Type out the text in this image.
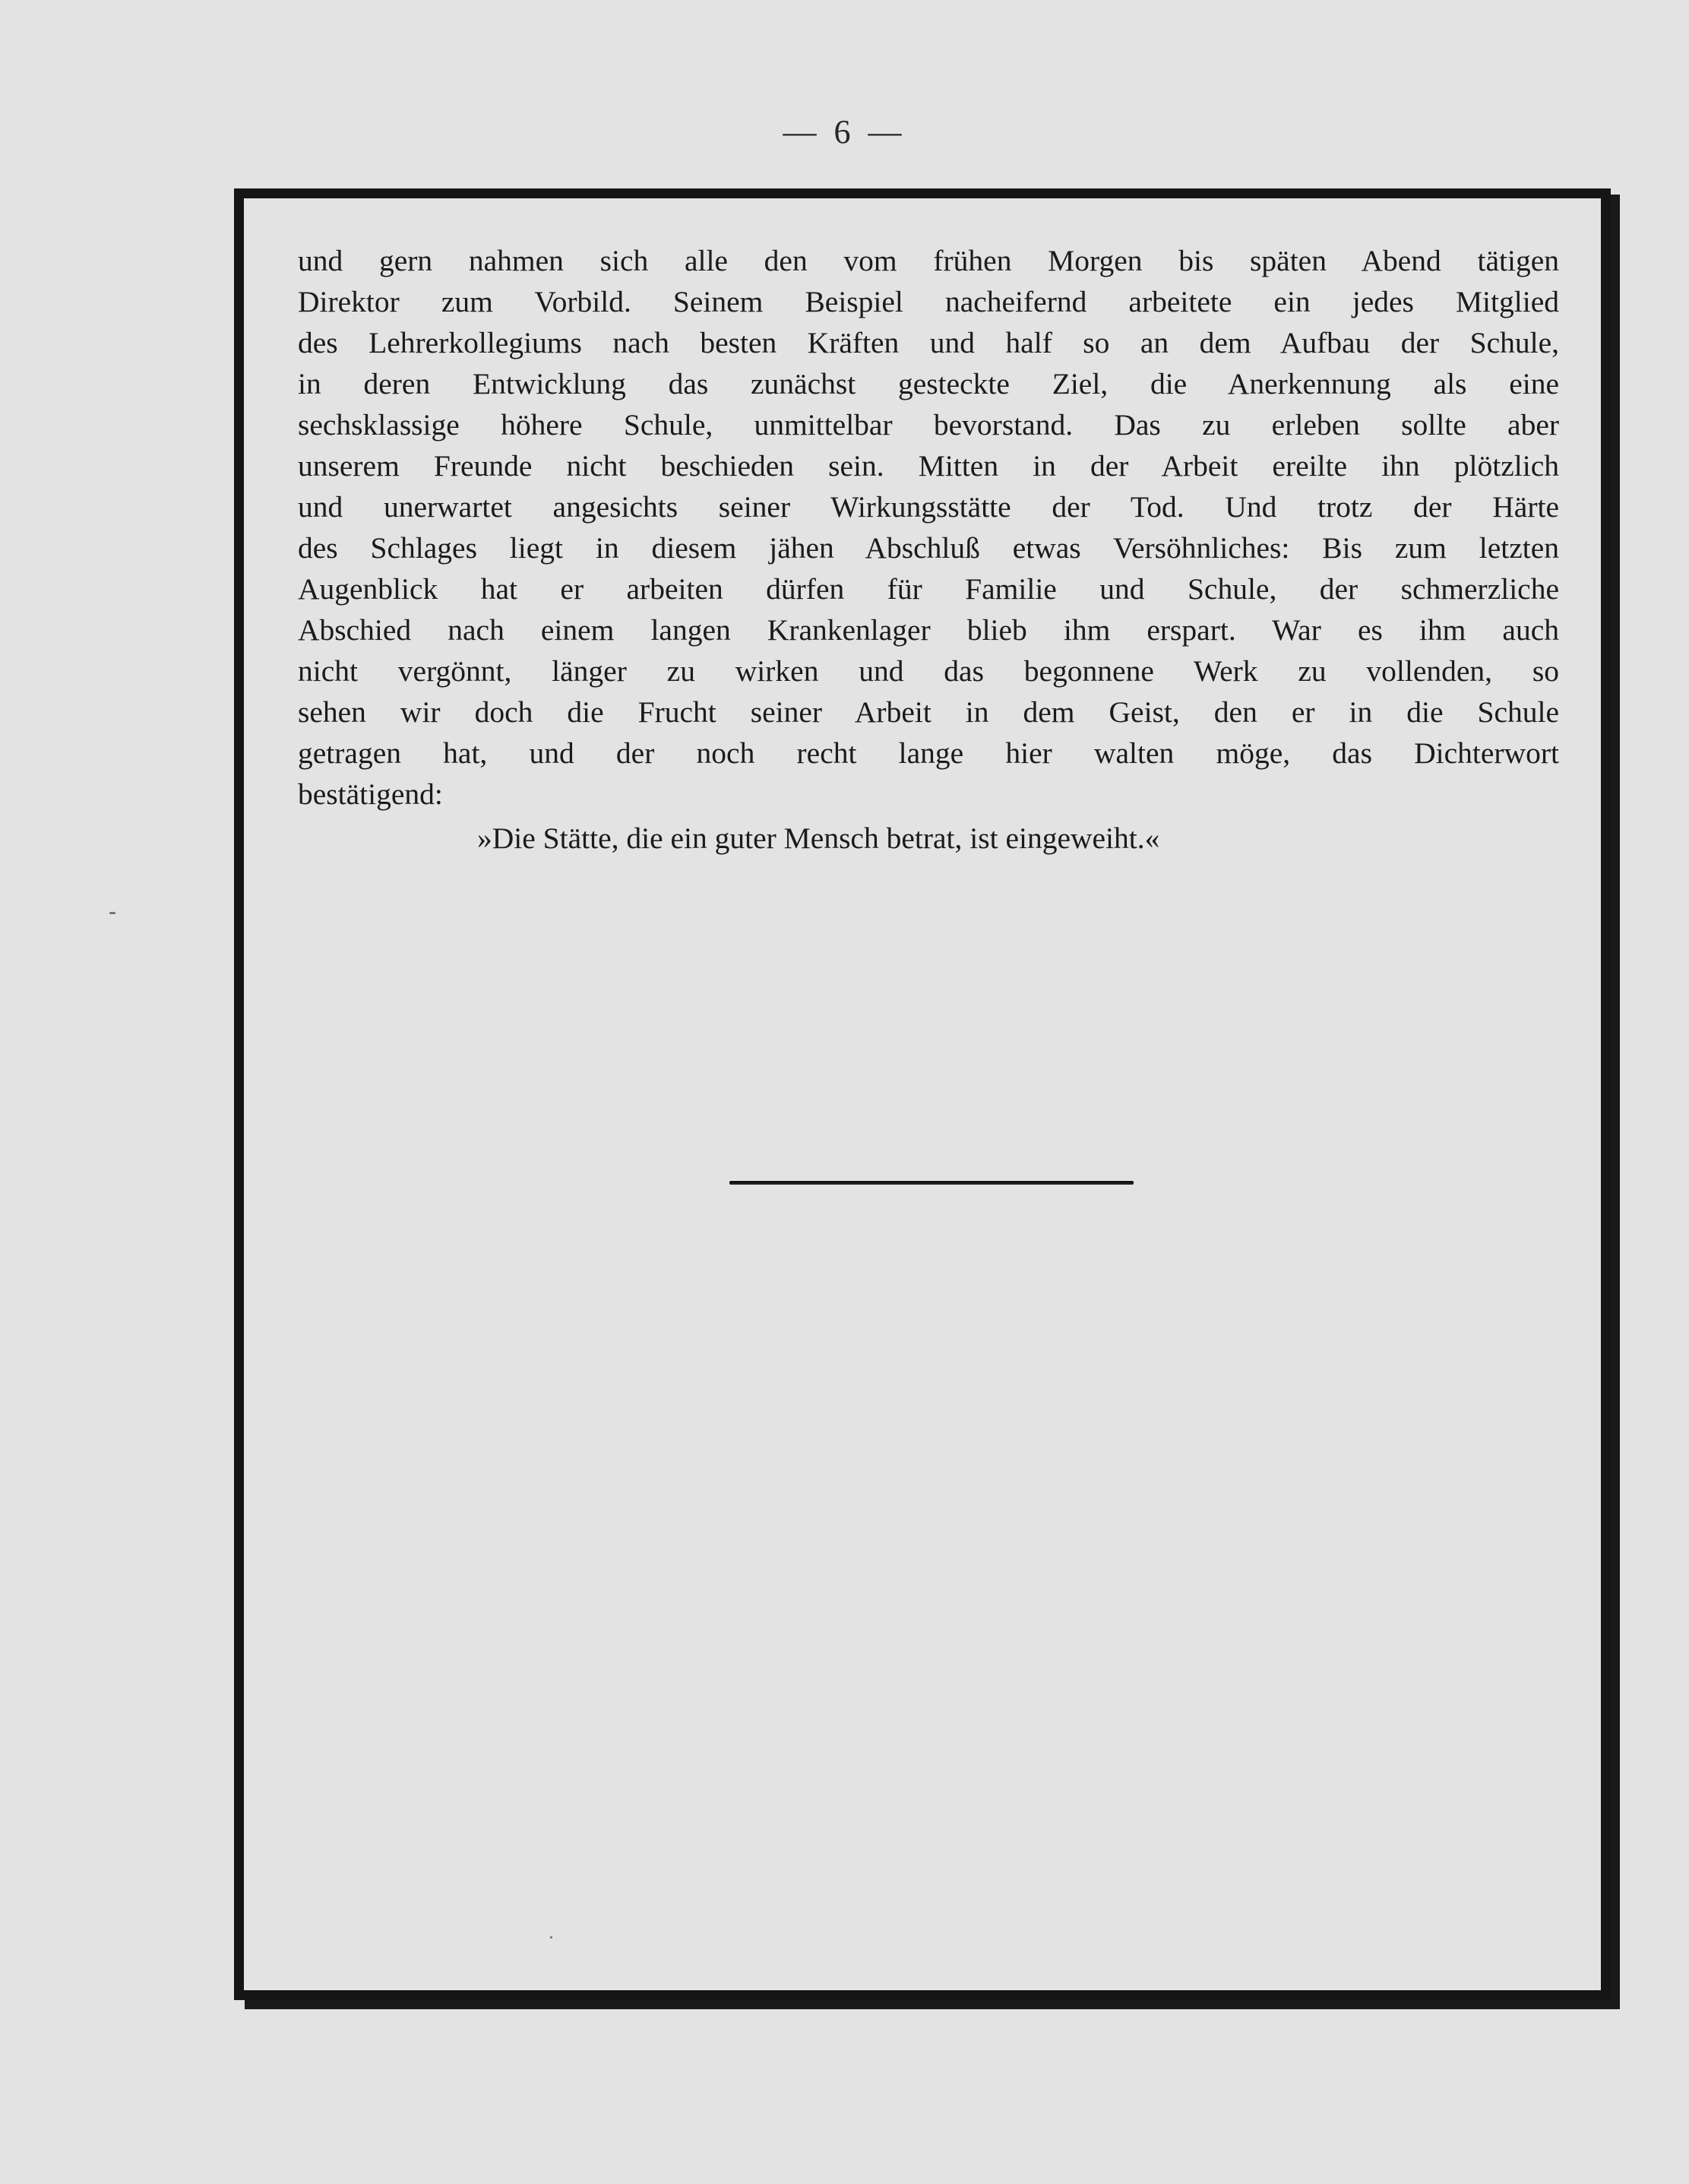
— 6 —
und gern nahmen sich alle den vom frühen Morgen bis späten Abend tätigen
Direktor zum Vorbild. Seinem Beispiel nacheifernd arbeitete ein jedes Mitglied
des Lehrerkollegiums nach besten Kräften und half so an dem Aufbau der Schule,
in deren Entwicklung das zunächst gesteckte Ziel, die Anerkennung als eine
sechsklassige höhere Schule, unmittelbar bevorstand. Das zu erleben sollte aber
unserem Freunde nicht beschieden sein. Mitten in der Arbeit ereilte ihn plötzlich
und unerwartet angesichts seiner Wirkungsstätte der Tod. Und trotz der Härte
des Schlages liegt in diesem jähen Abschluß etwas Versöhnliches: Bis zum letzten
Augenblick hat er arbeiten dürfen für Familie und Schule, der schmerzliche
Abschied nach einem langen Krankenlager blieb ihm erspart. War es ihm auch
nicht vergönnt, länger zu wirken und das begonnene Werk zu vollenden, so
sehen wir doch die Frucht seiner Arbeit in dem Geist, den er in die Schule
getragen hat, und der noch recht lange hier walten möge, das Dichterwort
bestätigend:
»Die Stätte, die ein guter Mensch betrat, ist eingeweiht.«
